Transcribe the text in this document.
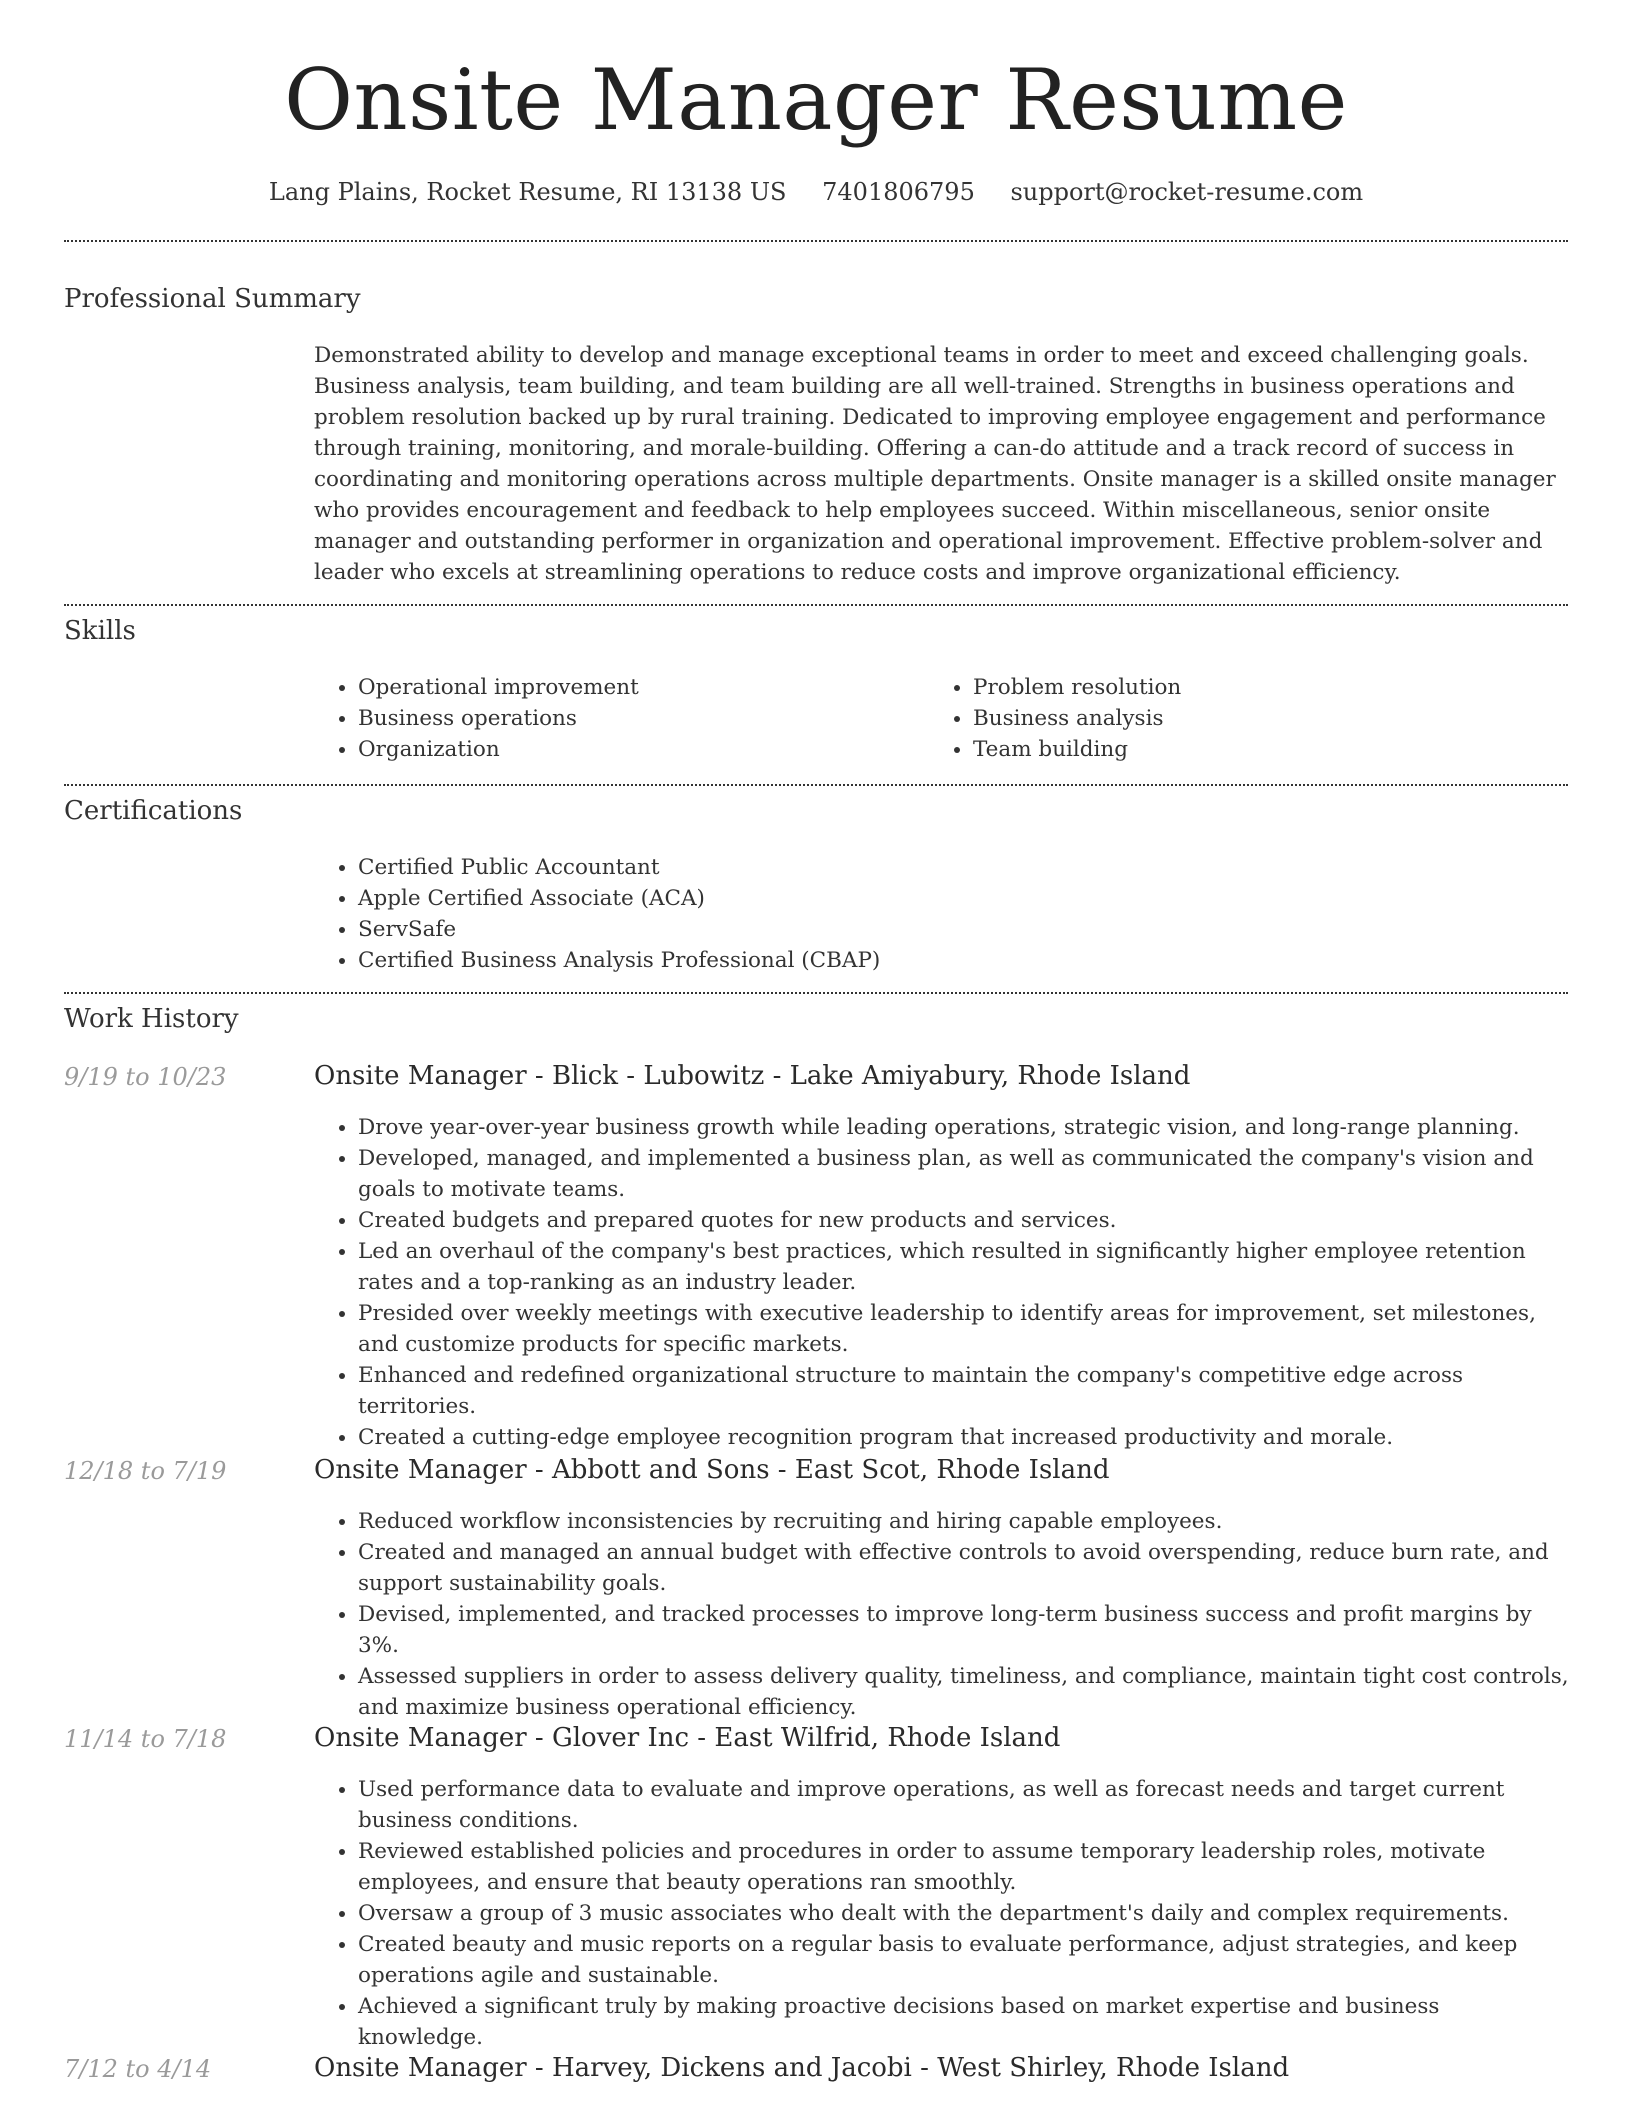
Onsite Manager Resume
Lang Plains, Rocket Resume, RI 13138 US 7401806795 support@rocket-resume.com
Professional Summary

Demonstrated ability to develop and manage exceptional teams in order to meet and exceed challenging goals. Business analysis, team building, and team building are all well-trained. Strengths in business operations and problem resolution backed up by rural training. Dedicated to improving employee engagement and performance through training, monitoring, and morale-building. Offering a can-do attitude and a track record of success in coordinating and monitoring operations across multiple departments. Onsite manager is a skilled onsite manager who provides encouragement and feedback to help employees succeed. Within miscellaneous, senior onsite manager and outstanding performer in organization and operational improvement. Effective problem-solver and leader who excels at streamlining operations to reduce costs and improve organizational efficiency.

Skills
• Operational improvement
• Business operations
• Organization
• Problem resolution
• Business analysis
• Team building
Certifications
• Certified Public Accountant
• Apple Certified Associate (ACA)
• ServSafe
• Certified Business Analysis Professional (CBAP)
Work History
9/19 to 10/23	Onsite Manager - Blick - Lubowitz - Lake Amiyabury, Rhode Island
• Drove year-over-year business growth while leading operations, strategic vision, and long-range planning.
• Developed, managed, and implemented a business plan, as well as communicated the company's vision and goals to motivate teams.
• Created budgets and prepared quotes for new products and services.
• Led an overhaul of the company's best practices, which resulted in significantly higher employee retention rates and a top-ranking as an industry leader.
• Presided over weekly meetings with executive leadership to identify areas for improvement, set milestones, and customize products for specific markets.
• Enhanced and redefined organizational structure to maintain the company's competitive edge across territories.
• Created a cutting-edge employee recognition program that increased productivity and morale.
12/18 to 7/19	Onsite Manager - Abbott and Sons - East Scot, Rhode Island
• Reduced workflow inconsistencies by recruiting and hiring capable employees.
• Created and managed an annual budget with effective controls to avoid overspending, reduce burn rate, and support sustainability goals.
• Devised, implemented, and tracked processes to improve long-term business success and profit margins by 3%.
• Assessed suppliers in order to assess delivery quality, timeliness, and compliance, maintain tight cost controls, and maximize business operational efficiency.
11/14 to 7/18	Onsite Manager - Glover Inc - East Wilfrid, Rhode Island
• Used performance data to evaluate and improve operations, as well as forecast needs and target current business conditions.
• Reviewed established policies and procedures in order to assume temporary leadership roles, motivate employees, and ensure that beauty operations ran smoothly.
• Oversaw a group of 3 music associates who dealt with the department's daily and complex requirements.
• Created beauty and music reports on a regular basis to evaluate performance, adjust strategies, and keep operations agile and sustainable.
• Achieved a significant truly by making proactive decisions based on market expertise and business knowledge.
7/12 to 4/14	Onsite Manager - Harvey, Dickens and Jacobi - West Shirley, Rhode Island
